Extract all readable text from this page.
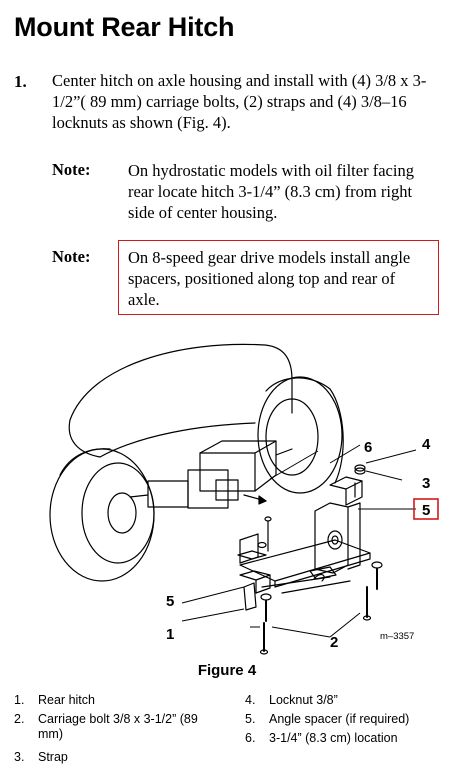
Mount Rear Hitch
1. Center hitch on axle housing and install with (4) 3/8 x 3-1/2”( 89 mm) carriage bolts, (2) straps and (4) 3/8–16 locknuts as shown (Fig. 4).
Note: On hydrostatic models with oil filter facing rear locate hitch 3-1/4” (8.3 cm) from right side of center housing.
Note: On 8-speed gear drive models install angle spacers, positioned along top and rear of axle.
1	2
3
4
5
5
6
m–3357
Figure 4
1. Rear hitch
2. Carriage bolt 3/8 x 3-1/2” (89 mm)
3. Strap
4. Locknut 3/8”
5. Angle spacer (if required)
6. 3-1/4” (8.3 cm) location
